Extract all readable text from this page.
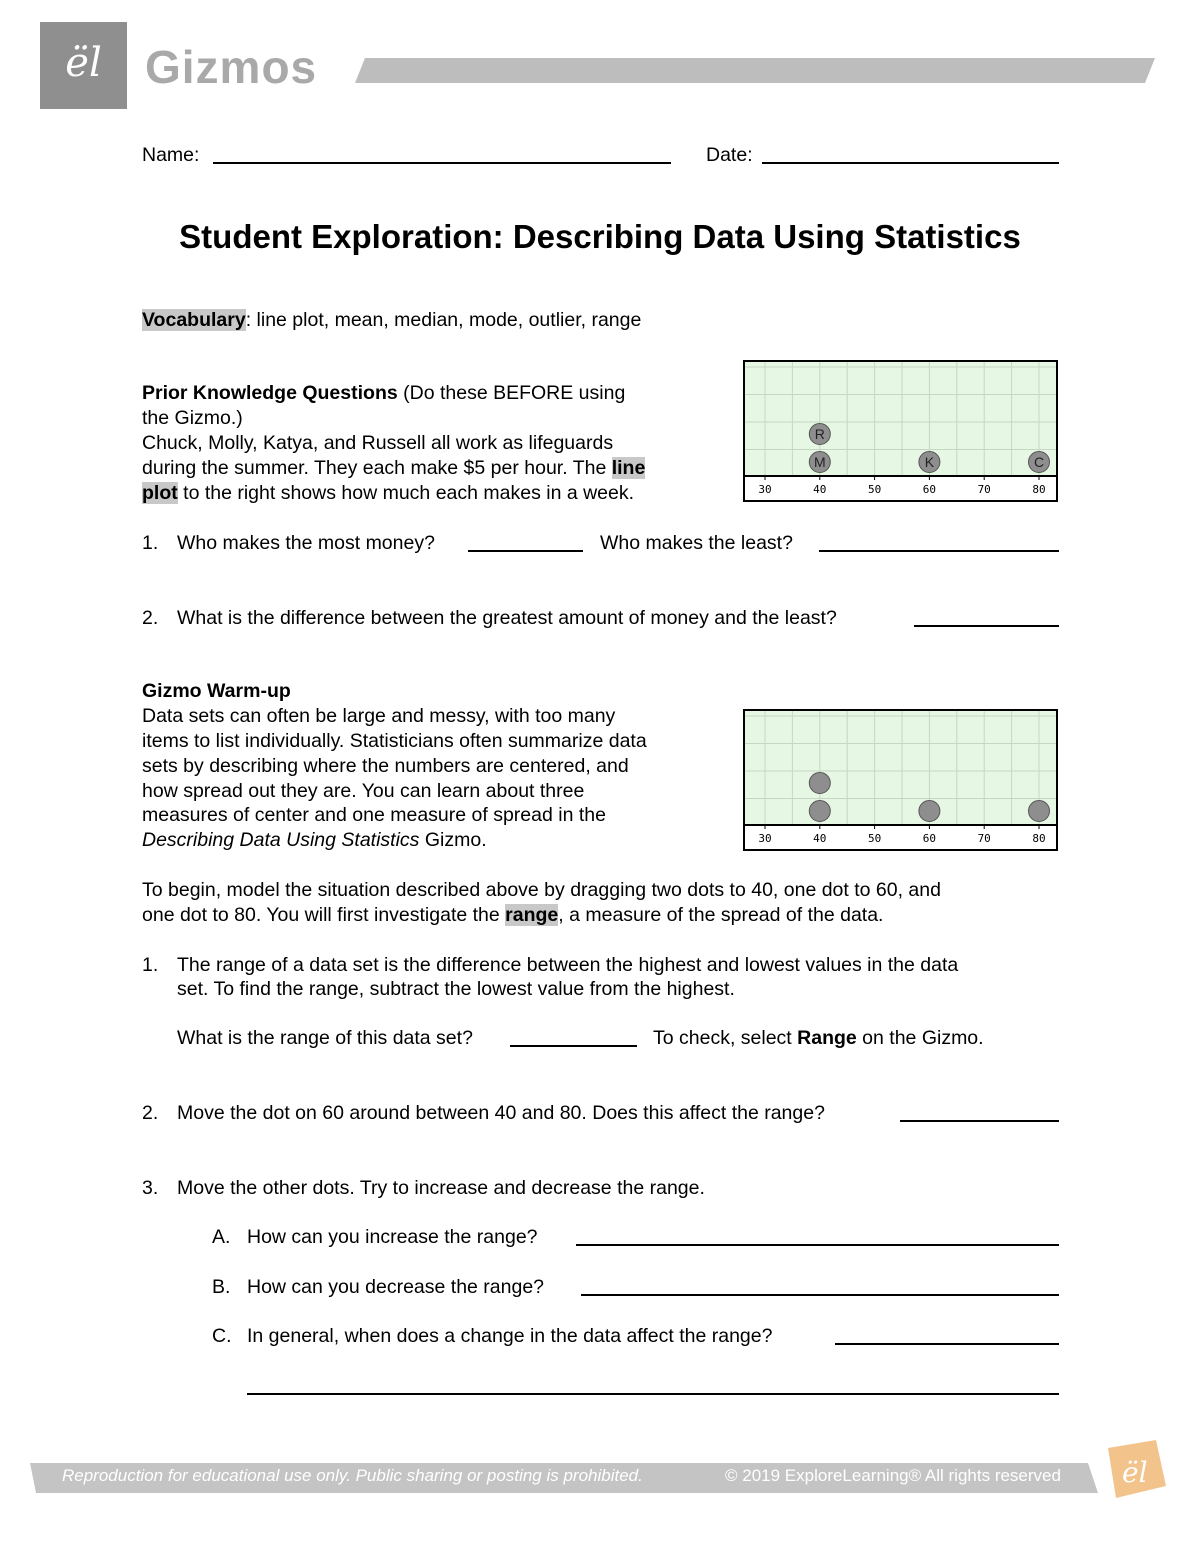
ël Gizmos
Name:	Date:
Student Exploration: Describing Data Using Statistics
Vocabulary: line plot, mean, median, mode, outlier, range
Prior Knowledge Questions (Do these BEFORE using
the Gizmo.)
Chuck, Molly, Katya, and Russell all work as lifeguards
during the summer. They each make $5 per hour. The line
plot to the right shows how much each makes in a week.	30	40	50	60	70	80
M
R
K	C
1. Who makes the most money?	Who makes the least?
2. What is the difference between the greatest amount of money and the least?
Gizmo Warm-up
Data sets can often be large and messy, with too many
items to list individually. Statisticians often summarize data
sets by describing where the numbers are centered, and
how spread out they are. You can learn about three
measures of center and one measure of spread in the
Describing Data Using Statistics Gizmo.	30	40	50	60	70	80
To begin, model the situation described above by dragging two dots to 40, one dot to 60, and
one dot to 80. You will first investigate the range, a measure of the spread of the data.
1. The range of a data set is the difference between the highest and lowest values in the data
set. To find the range, subtract the lowest value from the highest.
What is the range of this data set?	To check, select Range on the Gizmo.
2. Move the dot on 60 around between 40 and 80. Does this affect the range?
3. Move the other dots. Try to increase and decrease the range.
A. How can you increase the range?
B. How can you decrease the range?
C. In general, when does a change in the data affect the range?
Reproduction for educational use only. Public sharing or posting is prohibited.	© 2019 ExploreLearning® All rights reserved ël
